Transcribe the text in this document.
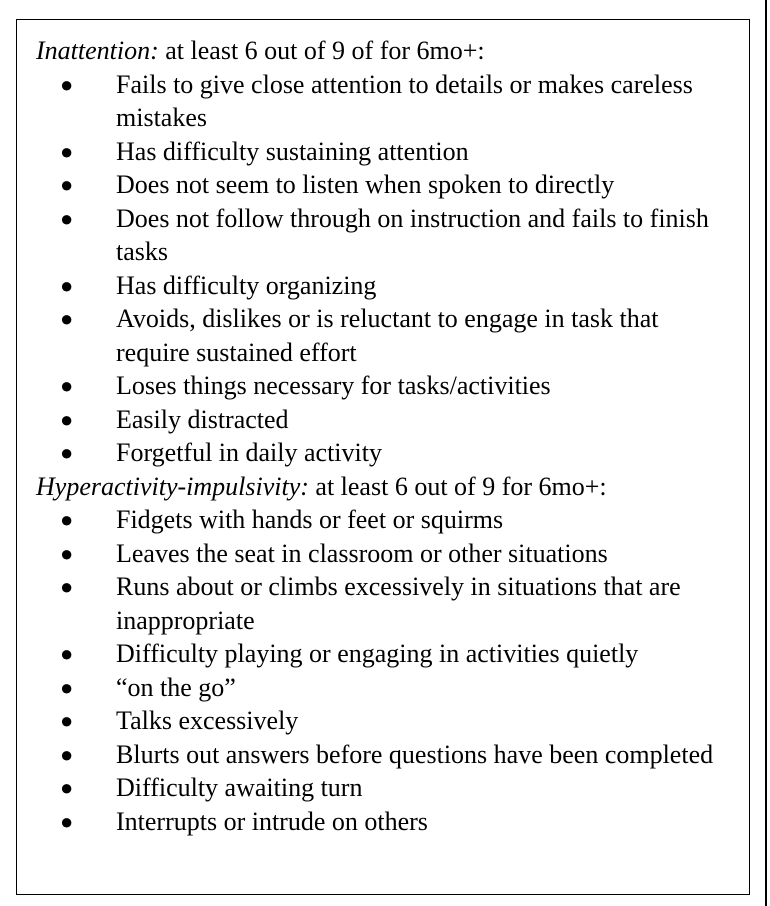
Inattention: at least 6 out of 9 of for 6mo+:

● Fails to give close attention to details or makes careless mistakes
● Has difficulty sustaining attention
● Does not seem to listen when spoken to directly
● Does not follow through on instruction and fails to finish tasks
● Has difficulty organizing
● Avoids, dislikes or is reluctant to engage in task that require sustained effort
● Loses things necessary for tasks/activities
● Easily distracted
● Forgetful in daily activity

Hyperactivity-impulsivity: at least 6 out of 9 for 6mo+:

● Fidgets with hands or feet or squirms
● Leaves the seat in classroom or other situations
● Runs about or climbs excessively in situations that are inappropriate
● Difficulty playing or engaging in activities quietly
● “on the go”
● Talks excessively
● Blurts out answers before questions have been completed
● Difficulty awaiting turn
● Interrupts or intrude on others
